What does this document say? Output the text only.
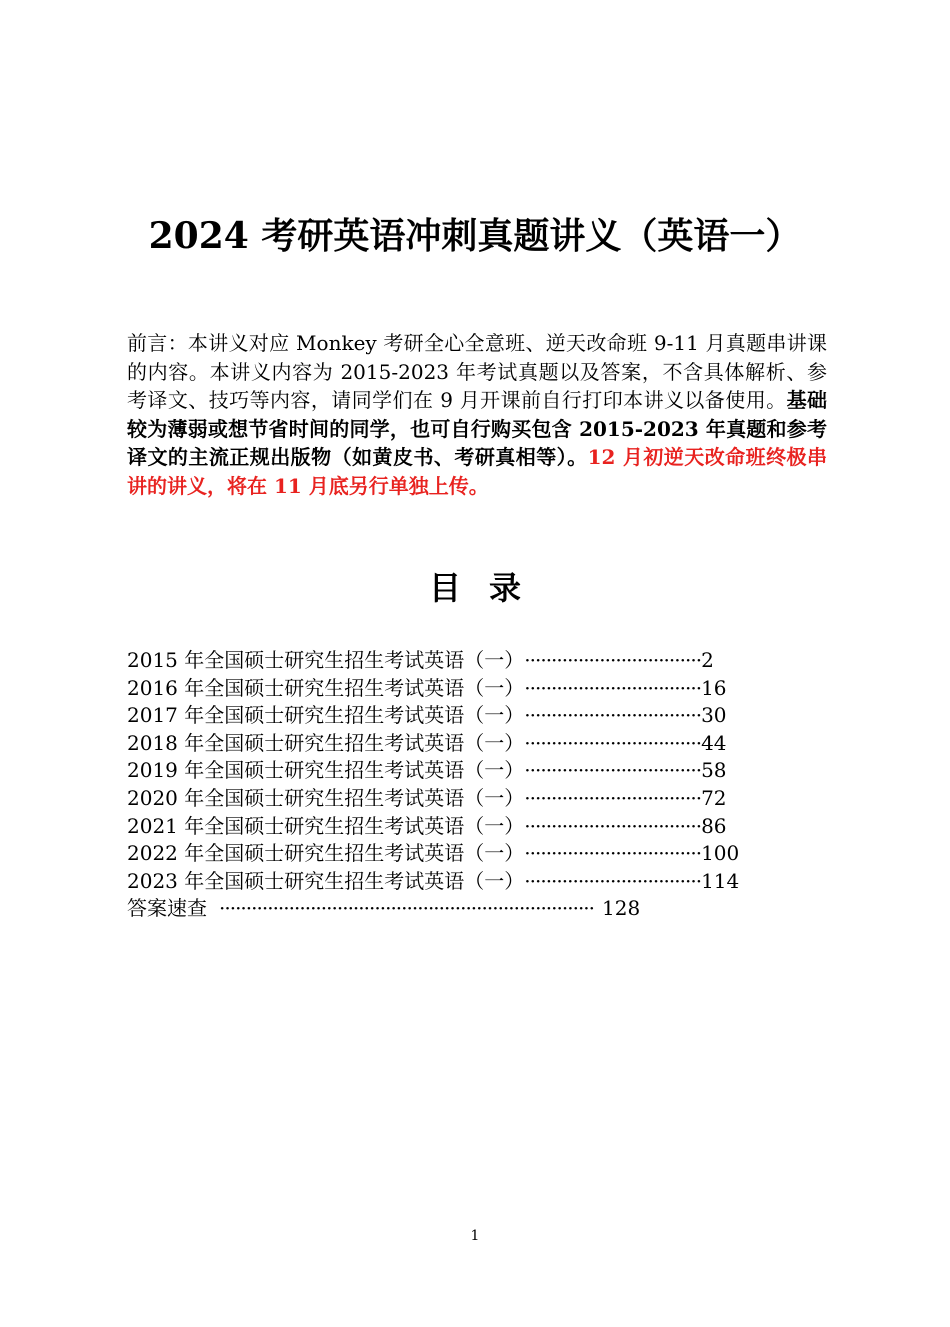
2024 考研英语冲刺真题讲义（英语一）

前言：本讲义对应 Monkey 考研全心全意班、逆天改命班 9-11 月真题串讲课的内容。本讲义内容为 2015-2023 年考试真题以及答案，不含具体解析、参考译文、技巧等内容，请同学们在 9 月开课前自行打印本讲义以备使用。基础较为薄弱或想节省时间的同学，也可自行购买包含 2015-2023 年真题和参考译文的主流正规出版物（如黄皮书、考研真相等）。12 月初逆天改命班终极串讲的讲义，将在 11 月底另行单独上传。

目录
2015 年全国硕士研究生招生考试英语（一） ································· 2
2016 年全国硕士研究生招生考试英语（一） ································· 16
2017 年全国硕士研究生招生考试英语（一） ································· 30
2018 年全国硕士研究生招生考试英语（一） ································· 44
2019 年全国硕士研究生招生考试英语（一） ································· 58
2020 年全国硕士研究生招生考试英语（一） ································· 72
2021 年全国硕士研究生招生考试英语（一） ································· 86
2022 年全国硕士研究生招生考试英语（一） ································· 100
2023 年全国硕士研究生招生考试英语（一） ································· 114
答案速查 ······································································ 128

1
